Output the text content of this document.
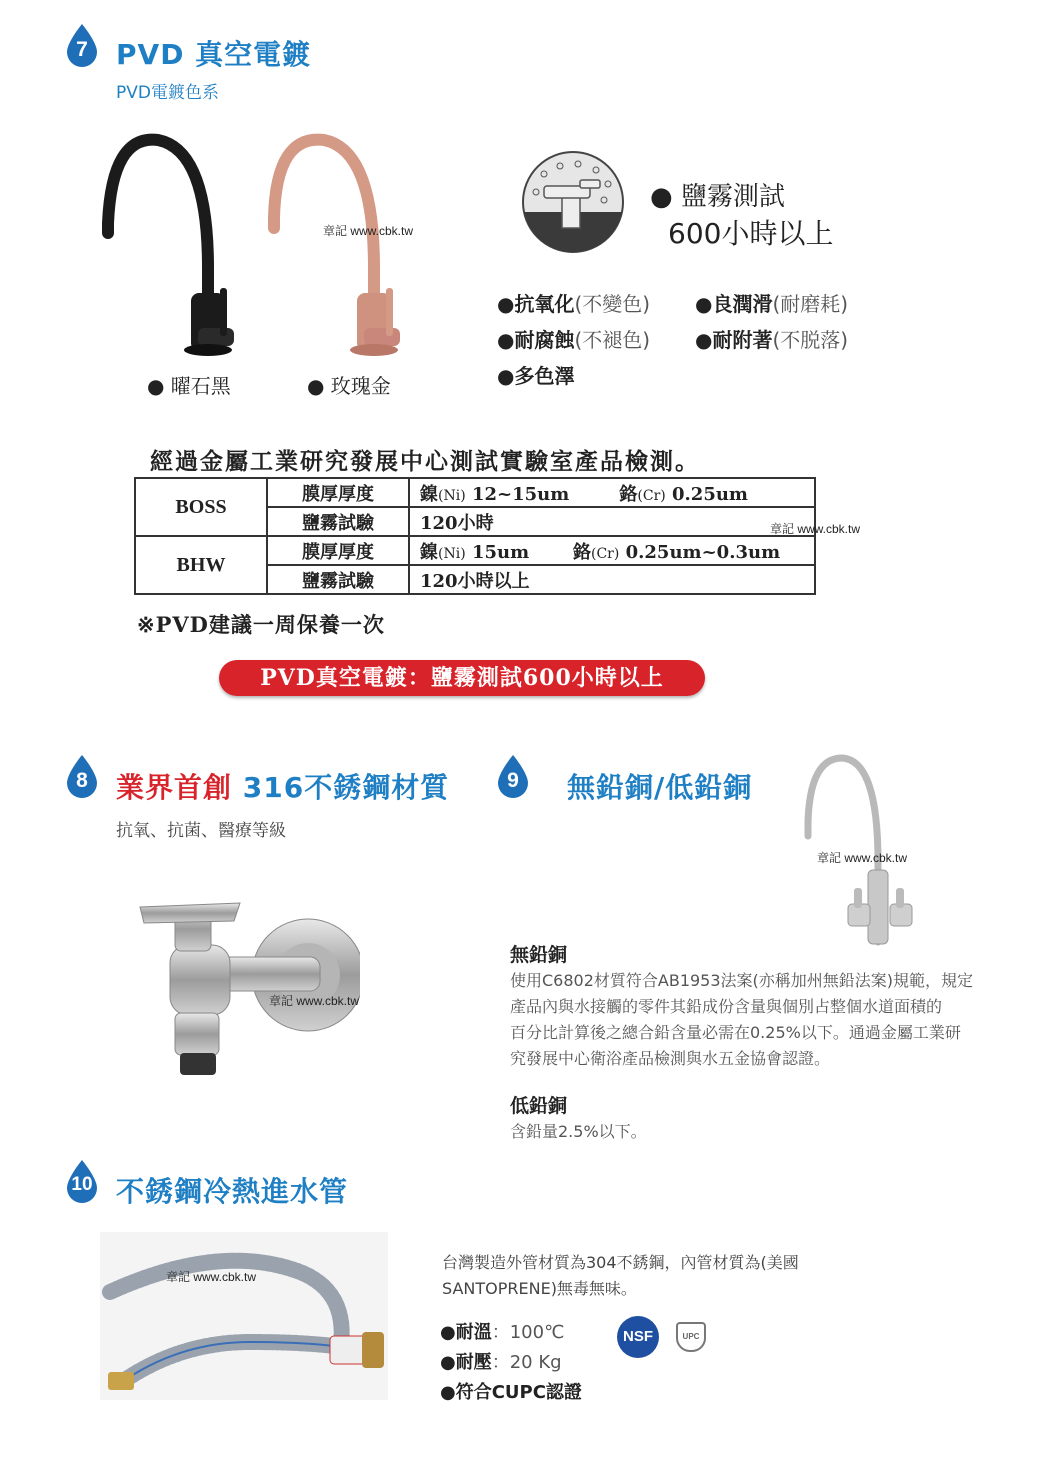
7	PVD 真空電鍍
PVD電鍍色系
● 曜石黑	● 玫瑰金
章記 www.cbk.tw
● 鹽霧測試
600小時以上
●抗氧化(不變色) ●良潤滑(耐磨耗)
●耐腐蝕(不褪色) ●耐附著(不脱落)
●多色澤
經過金屬工業研究發展中心測試實驗室產品檢測。
BOSS	膜厚厚度	鎳(Ni) 12~15um 鉻(Cr) 0.25um
	鹽霧試驗	120小時
BHW	膜厚厚度	鎳(Ni) 15um 鉻(Cr) 0.25um~0.3um
	鹽霧試驗	120小時以上
章記 www.cbk.tw
※PVD建議一周保養一次
PVD真空電鍍：鹽霧測試600小時以上
8	業界首創 316不銹鋼材質
抗氧、抗菌、醫療等級
章記 www.cbk.tw
9	無鉛銅/低鉛銅
章記 www.cbk.tw
無鉛銅
使用C6802材質符合AB1953法案(亦稱加州無鉛法案)規範，規定
產品內與水接觸的零件其鉛成份含量與個別占整個水道面積的
百分比計算後之總合鉛含量必需在0.25%以下。通過金屬工業研
究發展中心衛浴產品檢測與水五金協會認證。
低鉛銅
含鉛量2.5%以下。
10 不銹鋼冷熱進水管
章記 www.cbk.tw
台灣製造外管材質為304不銹鋼，內管材質為(美國
SANTOPRENE)無毒無味。
●耐溫：100℃
●耐壓：20 Kg
●符合CUPC認證
NSF	UPC
